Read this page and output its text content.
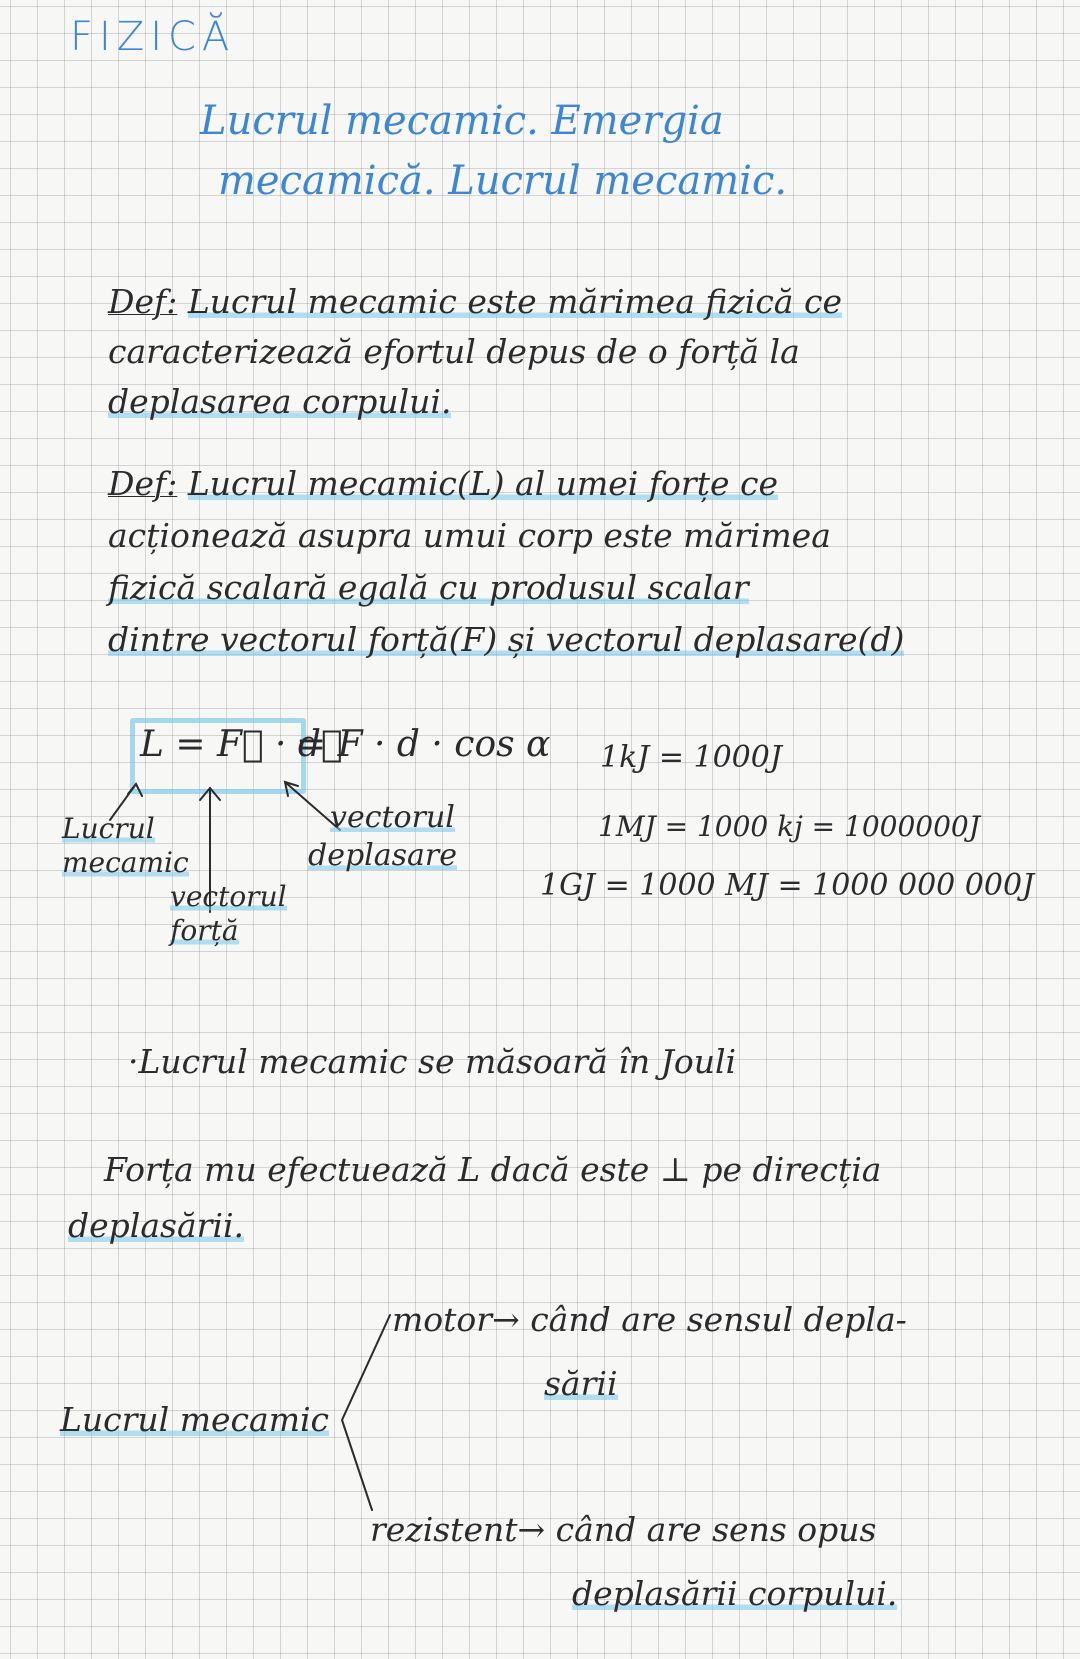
FIZICĂ
Lucrul mecamic. Emergia
mecamică. Lucrul mecamic.
Def: Lucrul mecamic este mărimea fizică ce
caracterizează efortul depus de o forță la
deplasarea corpului.
Def: Lucrul mecamic(L) al umei forțe ce
acționează asupra umui corp este mărimea
fizică scalară egală cu produsul scalar
dintre vectorul forță(F) și vectorul deplasare(d)
L = F⃗ · d⃗
= F · d · cos α
Lucrul
mecamic
vectorul
forță
vectorul
deplasare
1kJ = 1000J
1MJ = 1000 kj = 1000000J
1GJ = 1000 MJ = 1000 000 000J
·Lucrul mecamic se măsoară în Jouli
Forța mu efectuează L dacă este ⊥ pe direcția
deplasării.
Lucrul mecamic
motor→ când are sensul depla-
sării
rezistent→ când are sens opus
deplasării corpului.
